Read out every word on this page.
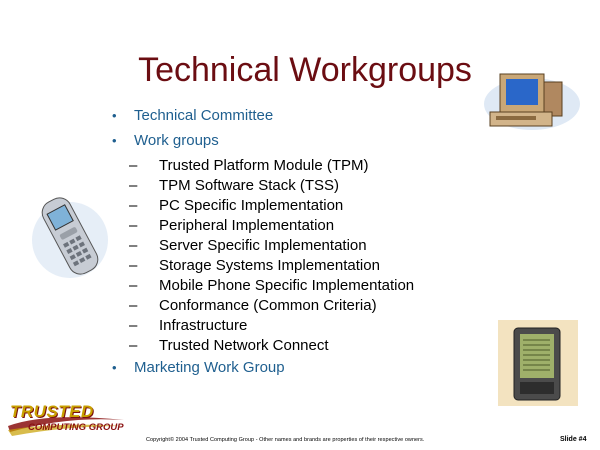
Technical Workgroups
• Technical Committee
• Work groups
– Trusted Platform Module (TPM)
– TPM Software Stack (TSS)
– PC Specific Implementation
– Peripheral Implementation
– Server Specific Implementation
– Storage Systems Implementation
– Mobile Phone Specific Implementation
– Conformance (Common Criteria)
– Infrastructure
– Trusted Network Connect
• Marketing Work Group
TRUSTED
COMPUTING GROUP
Copyright© 2004 Trusted Computing Group - Other names and brands are properties of their respective owners.	Slide #4
